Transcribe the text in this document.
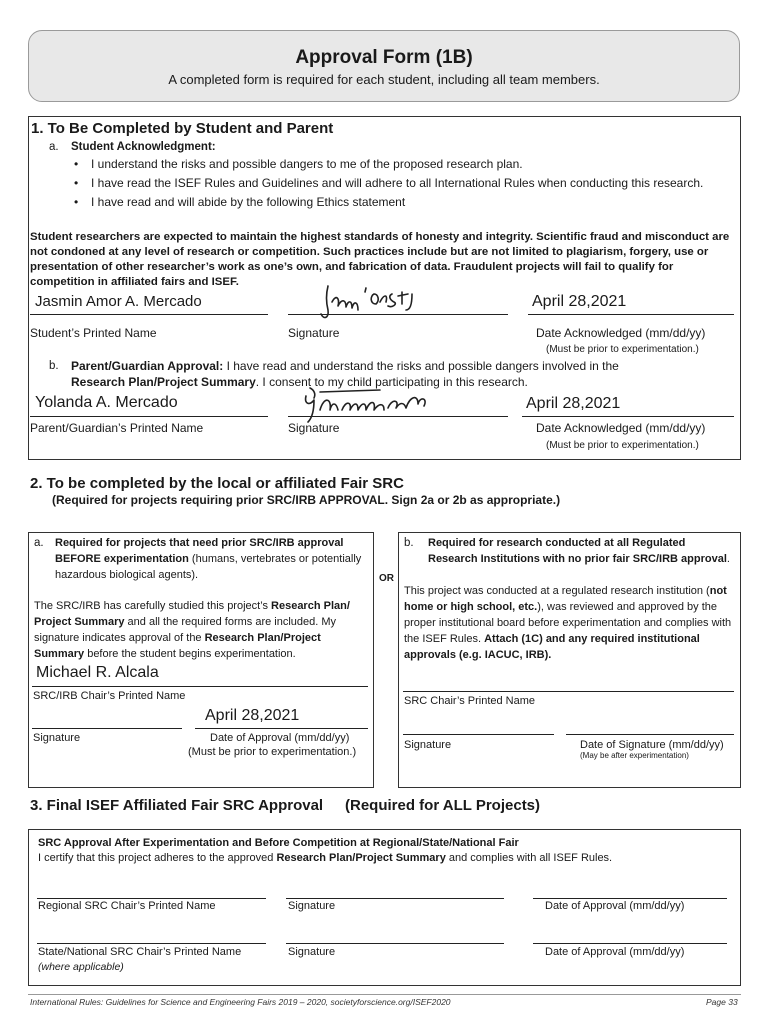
Approval Form (1B)
A completed form is required for each student, including all team members.
1. To Be Completed by Student and Parent
a. Student Acknowledgment:
• I understand the risks and possible dangers to me of the proposed research plan.
• I have read the ISEF Rules and Guidelines and will adhere to all International Rules when conducting this research.
• I have read and will abide by the following Ethics statement
Student researchers are expected to maintain the highest standards of honesty and integrity. Scientific fraud and misconduct are not condoned at any level of research or competition. Such practices include but are not limited to plagiarism, forgery, use or presentation of other researcher’s work as one’s own, and fabrication of data. Fraudulent projects will fail to qualify for competition in affiliated fairs and ISEF.
Jasmin Amor A. Mercado	April 28,2021
Student’s Printed Name	Signature	Date Acknowledged (mm/dd/yy)
(Must be prior to experimentation.)
b. Parent/Guardian Approval: I have read and understand the risks and possible dangers involved in the
Research Plan/Project Summary. I consent to my child participating in this research.
Yolanda A. Mercado	April 28,2021
Parent/Guardian’s Printed Name	Signature	Date Acknowledged (mm/dd/yy)
(Must be prior to experimentation.)
2. To be completed by the local or affiliated Fair SRC
(Required for projects requiring prior SRC/IRB APPROVAL. Sign 2a or 2b as appropriate.)
a. Required for projects that need prior SRC/IRB approval
BEFORE experimentation (humans, vertebrates or potentially hazardous biological agents).
The SRC/IRB has carefully studied this project’s Research Plan/ Project Summary and all the required forms are included. My signature indicates approval of the Research Plan/Project Summary before the student begins experimentation.
Michael R. Alcala
SRC/IRB Chair’s Printed Name
April 28,2021
Signature	Date of Approval (mm/dd/yy)
(Must be prior to experimentation.)
OR
b. Required for research conducted at all Regulated Research Institutions with no prior fair SRC/IRB approval.
This project was conducted at a regulated research institution (not home or high school, etc.), was reviewed and approved by the proper institutional board before experimentation and complies with the ISEF Rules. Attach (1C) and any required institutional approvals (e.g. IACUC, IRB).
SRC Chair’s Printed Name
Signature	Date of Signature (mm/dd/yy)
(May be after experimentation)
3. Final ISEF Affiliated Fair SRC Approval (Required for ALL Projects)
SRC Approval After Experimentation and Before Competition at Regional/State/National Fair
I certify that this project adheres to the approved Research Plan/Project Summary and complies with all ISEF Rules.
Regional SRC Chair’s Printed Name	Signature	Date of Approval (mm/dd/yy)
State/National SRC Chair’s Printed Name
(where applicable)
Signature	Date of Approval (mm/dd/yy)
International Rules: Guidelines for Science and Engineering Fairs 2019 – 2020, societyforscience.org/ISEF2020	Page 33
